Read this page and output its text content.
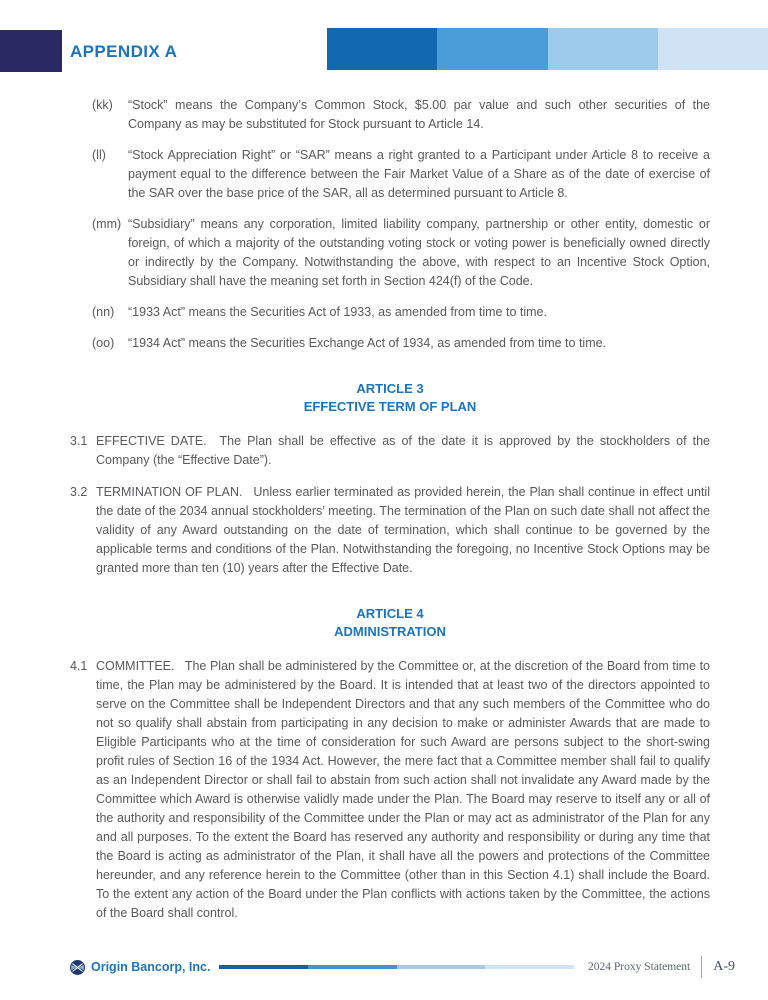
APPENDIX A
(kk) “Stock” means the Company’s Common Stock, $5.00 par value and such other securities of the Company as may be substituted for Stock pursuant to Article 14.
(ll) “Stock Appreciation Right” or “SAR” means a right granted to a Participant under Article 8 to receive a payment equal to the difference between the Fair Market Value of a Share as of the date of exercise of the SAR over the base price of the SAR, all as determined pursuant to Article 8.
(mm) “Subsidiary” means any corporation, limited liability company, partnership or other entity, domestic or foreign, of which a majority of the outstanding voting stock or voting power is beneficially owned directly or indirectly by the Company. Notwithstanding the above, with respect to an Incentive Stock Option, Subsidiary shall have the meaning set forth in Section 424(f) of the Code.
(nn) “1933 Act” means the Securities Act of 1933, as amended from time to time.
(oo) “1934 Act” means the Securities Exchange Act of 1934, as amended from time to time.
ARTICLE 3
EFFECTIVE TERM OF PLAN
3.1 EFFECTIVE DATE. The Plan shall be effective as of the date it is approved by the stockholders of the Company (the “Effective Date”).
3.2 TERMINATION OF PLAN. Unless earlier terminated as provided herein, the Plan shall continue in effect until the date of the 2034 annual stockholders’ meeting. The termination of the Plan on such date shall not affect the validity of any Award outstanding on the date of termination, which shall continue to be governed by the applicable terms and conditions of the Plan. Notwithstanding the foregoing, no Incentive Stock Options may be granted more than ten (10) years after the Effective Date.
ARTICLE 4
ADMINISTRATION
4.1 COMMITTEE. The Plan shall be administered by the Committee or, at the discretion of the Board from time to time, the Plan may be administered by the Board. It is intended that at least two of the directors appointed to serve on the Committee shall be Independent Directors and that any such members of the Committee who do not so qualify shall abstain from participating in any decision to make or administer Awards that are made to Eligible Participants who at the time of consideration for such Award are persons subject to the short-swing profit rules of Section 16 of the 1934 Act. However, the mere fact that a Committee member shall fail to qualify as an Independent Director or shall fail to abstain from such action shall not invalidate any Award made by the Committee which Award is otherwise validly made under the Plan. The Board may reserve to itself any or all of the authority and responsibility of the Committee under the Plan or may act as administrator of the Plan for any and all purposes. To the extent the Board has reserved any authority and responsibility or during any time that the Board is acting as administrator of the Plan, it shall have all the powers and protections of the Committee hereunder, and any reference herein to the Committee (other than in this Section 4.1) shall include the Board. To the extent any action of the Board under the Plan conflicts with actions taken by the Committee, the actions of the Board shall control.
Origin Bancorp, Inc.	2024 Proxy Statement A-9
